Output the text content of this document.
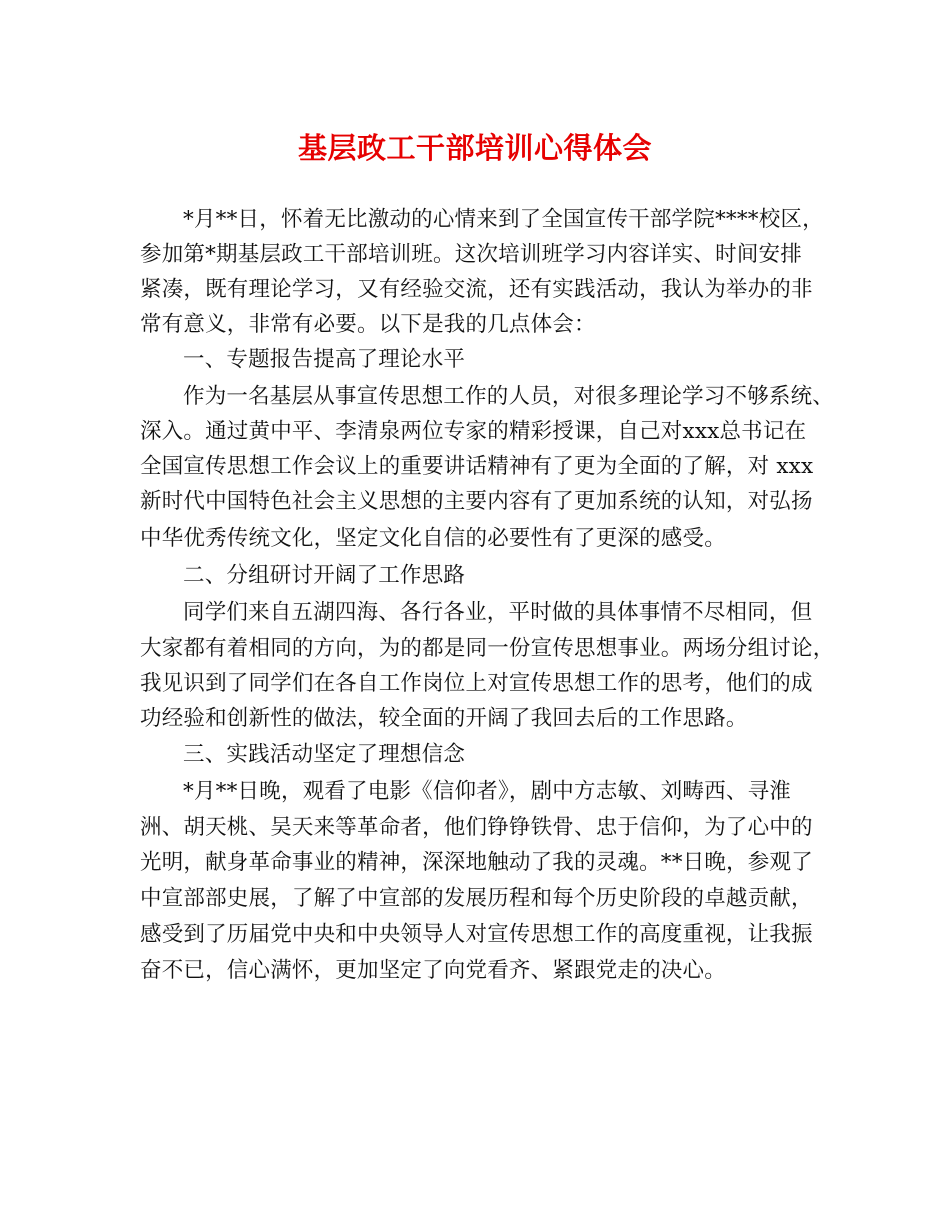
基层政工干部培训心得体会
*月**日，怀着无比激动的心情来到了全国宣传干部学院****校区，
参加第*期基层政工干部培训班。这次培训班学习内容详实、时间安排
紧凑，既有理论学习，又有经验交流，还有实践活动，我认为举办的非
常有意义，非常有必要。以下是我的几点体会：
一、专题报告提高了理论水平
作为一名基层从事宣传思想工作的人员，对很多理论学习不够系统、
深入。通过黄中平、李清泉两位专家的精彩授课，自己对xxx总书记在
全国宣传思想工作会议上的重要讲话精神有了更为全面的了解，对 xxx
新时代中国特色社会主义思想的主要内容有了更加系统的认知，对弘扬
中华优秀传统文化，坚定文化自信的必要性有了更深的感受。
二、分组研讨开阔了工作思路
同学们来自五湖四海、各行各业，平时做的具体事情不尽相同，但
大家都有着相同的方向，为的都是同一份宣传思想事业。两场分组讨论，
我见识到了同学们在各自工作岗位上对宣传思想工作的思考，他们的成
功经验和创新性的做法，较全面的开阔了我回去后的工作思路。
三、实践活动坚定了理想信念
*月**日晚，观看了电影《信仰者》，剧中方志敏、刘畴西、寻淮
洲、胡天桃、吴天来等革命者，他们铮铮铁骨、忠于信仰，为了心中的
光明，献身革命事业的精神，深深地触动了我的灵魂。**日晚，参观了
中宣部部史展，了解了中宣部的发展历程和每个历史阶段的卓越贡献，
感受到了历届党中央和中央领导人对宣传思想工作的高度重视，让我振
奋不已，信心满怀，更加坚定了向党看齐、紧跟党走的决心。
